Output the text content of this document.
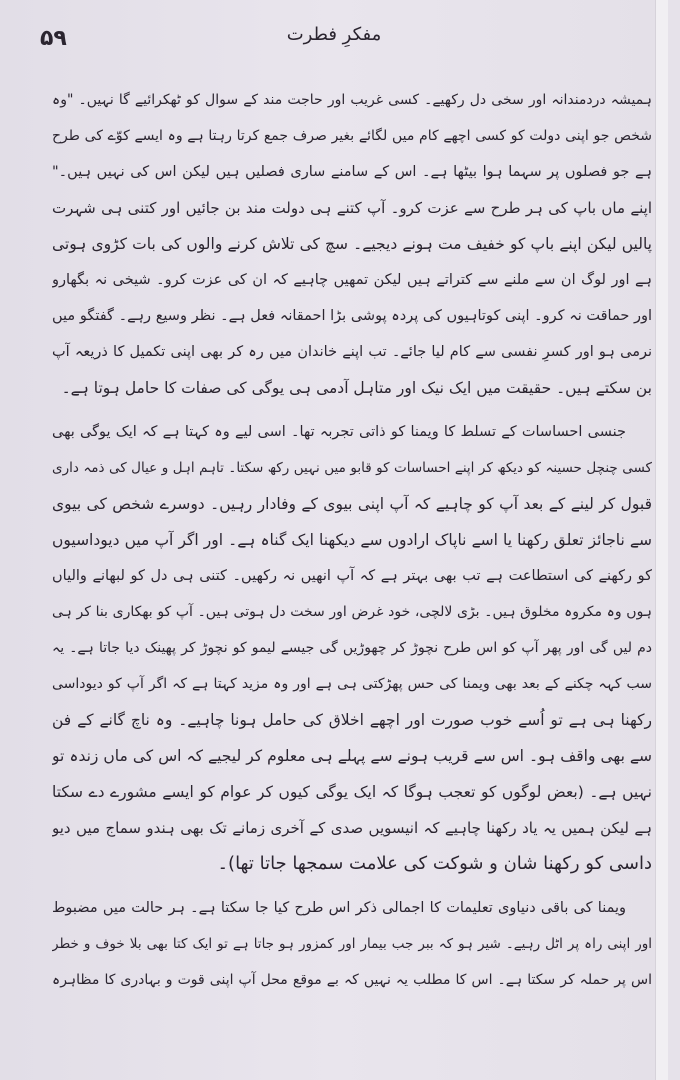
۵۹	مفکرِ فطرت
ہمیشہ دردمندانہ اور سخی دل رکھیے۔ کسی غریب اور حاجت مند کے سوال کو ٹھکرائیے گا نہیں۔ "وہ
شخص جو اپنی دولت کو کسی اچھے کام میں لگائے بغیر صرف جمع کرتا رہتا ہے وہ ایسے کوّے کی طرح
ہے جو فصلوں پر سہما ہوا بیٹھا ہے۔ اس کے سامنے ساری فصلیں ہیں لیکن اس کی نہیں ہیں۔"
اپنے ماں باپ کی ہر طرح سے عزت کرو۔ آپ کتنے ہی دولت مند بن جائیں اور کتنی ہی شہرت
پالیں لیکن اپنے باپ کو خفیف مت ہونے دیجیے۔ سچ کی تلاش کرنے والوں کی بات کڑوی ہوتی
ہے اور لوگ ان سے ملنے سے کتراتے ہیں لیکن تمھیں چاہیے کہ ان کی عزت کرو۔ شیخی نہ بگھارو
اور حماقت نہ کرو۔ اپنی کوتاہیوں کی پردہ پوشی بڑا احمقانہ فعل ہے۔ نظر وسیع رہے۔ گفتگو میں
نرمی ہو اور کسرِ نفسی سے کام لیا جائے۔ تب اپنے خاندان میں رہ کر بھی اپنی تکمیل کا ذریعہ آپ
بن سکتے ہیں۔ حقیقت میں ایک نیک اور متاہل آدمی ہی یوگی کی صفات کا حامل ہوتا ہے۔
جنسی احساسات کے تسلط کا ویمنا کو ذاتی تجربہ تھا۔ اسی لیے وہ کہتا ہے کہ ایک یوگی بھی
کسی چنچل حسینہ کو دیکھ کر اپنے احساسات کو قابو میں نہیں رکھ سکتا۔ تاہم اہل و عیال کی ذمہ داری
قبول کر لینے کے بعد آپ کو چاہیے کہ آپ اپنی بیوی کے وفادار رہیں۔ دوسرے شخص کی بیوی
سے ناجائز تعلق رکھنا یا اسے ناپاک ارادوں سے دیکھنا ایک گناہ ہے۔ اور اگر آپ میں دیوداسیوں
کو رکھنے کی استطاعت ہے تب بھی بہتر ہے کہ آپ انھیں نہ رکھیں۔ کتنی ہی دل کو لبھانے والیاں
ہوں وہ مکروہ مخلوق ہیں۔ بڑی لالچی، خود غرض اور سخت دل ہوتی ہیں۔ آپ کو بھکاری بنا کر ہی
دم لیں گی اور پھر آپ کو اس طرح نچوڑ کر چھوڑیں گی جیسے لیمو کو نچوڑ کر پھینک دیا جاتا ہے۔ یہ
سب کہہ چکنے کے بعد بھی ویمنا کی حس پھڑکتی ہی ہے اور وہ مزید کہتا ہے کہ اگر آپ کو دیوداسی
رکھنا ہی ہے تو اُسے خوب صورت اور اچھے اخلاق کی حامل ہونا چاہیے۔ وہ ناچ گانے کے فن
سے بھی واقف ہو۔ اس سے قریب ہونے سے پہلے ہی معلوم کر لیجیے کہ اس کی ماں زندہ تو
نہیں ہے۔ (بعض لوگوں کو تعجب ہوگا کہ ایک یوگی کیوں کر عوام کو ایسے مشورے دے سکتا
ہے لیکن ہمیں یہ یاد رکھنا چاہیے کہ انیسویں صدی کے آخری زمانے تک بھی ہندو سماج میں دیو
داسی کو رکھنا شان و شوکت کی علامت سمجھا جاتا تھا)۔
ویمنا کی باقی دنیاوی تعلیمات کا اجمالی ذکر اس طرح کیا جا سکتا ہے۔ ہر حالت میں مضبوط
اور اپنی راہ پر اٹل رہیے۔ شیر ہو کہ ببر جب بیمار اور کمزور ہو جاتا ہے تو ایک کتا بھی بلا خوف و خطر
اس پر حملہ کر سکتا ہے۔ اس کا مطلب یہ نہیں کہ بے موقع محل آپ اپنی قوت و بہادری کا مظاہرہ
